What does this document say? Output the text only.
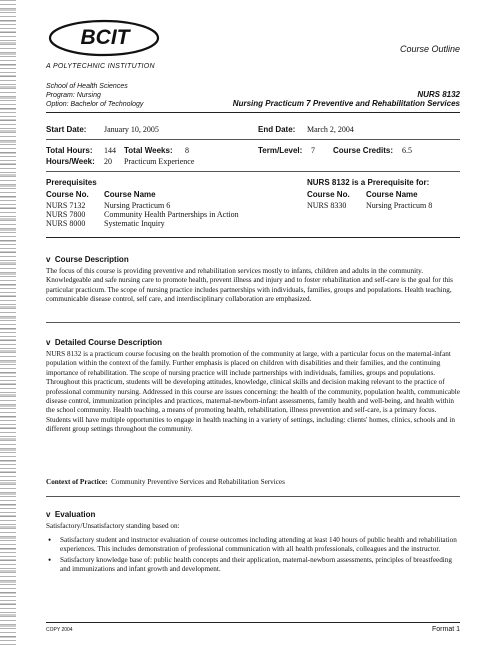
BCIT
A POLYTECHNIC INSTITUTION
Course Outline
School of Health Sciences
Program: Nursing
Option: Bachelor of Technology
NURS 8132
Nursing Practicum 7 Preventive and Rehabilitation Services
Start Date: January 10, 2005	End Date: March 2, 2004
Total Hours: 144 Total Weeks: 8	Term/Level: 7 Course Credits: 6.5
Hours/Week: 20 Practicum Experience
Prerequisites
Course No. Course Name
NURS 7132 Nursing Practicum 6
NURS 7800 Community Health Partnerships in Action
NURS 8000 Systematic Inquiry
NURS 8132 is a Prerequisite for:
Course No. Course Name
NURS 8330 Nursing Practicum 8
v Course Description
The focus of this course is providing preventive and rehabilitation services mostly to infants, children and adults in the community. Knowledgeable and safe nursing care to promote health, prevent illness and injury and to foster rehabilitation and self-care is the goal for this particular practicum. The scope of nursing practice includes partnerships with individuals, families, groups and populations. Health teaching, communicable disease control, self care, and interdisciplinary collaboration are emphasized.
v Detailed Course Description
NURS 8132 is a practicum course focusing on the health promotion of the community at large, with a particular focus on the maternal-infant population within the context of the family. Further emphasis is placed on children with disabilities and their families, and the continuing importance of rehabilitation. The scope of nursing practice will include partnerships with individuals, families, groups and populations. Throughout this practicum, students will be developing attitudes, knowledge, clinical skills and decision making relevant to the practice of professional community nursing. Addressed in this course are issues concerning: the health of the community, population health, communicable disease control, immunization principles and practices, maternal-newborn-infant assessments, family health and well-being, and health within the school community. Health teaching, a means of promoting health, rehabilitation, illness prevention and self-care, is a primary focus. Students will have multiple opportunities to engage in health teaching in a variety of settings, including: clients' homes, clinics, schools and in different group settings throughout the community.
Context of Practice: Community Preventive Services and Rehabilitation Services
v Evaluation
Satisfactory/Unsatisfactory standing based on:
• Satisfactory student and instructor evaluation of course outcomes including attending at least 140 hours of public health and rehabilitation experiences. This includes demonstration of professional communication with all health professionals, colleagues and the instructor.
• Satisfactory knowledge base of: public health concepts and their application, maternal-newborn assessments, principles of breastfeeding and immunizations and infant growth and development.
COPY 2004	Format 1
